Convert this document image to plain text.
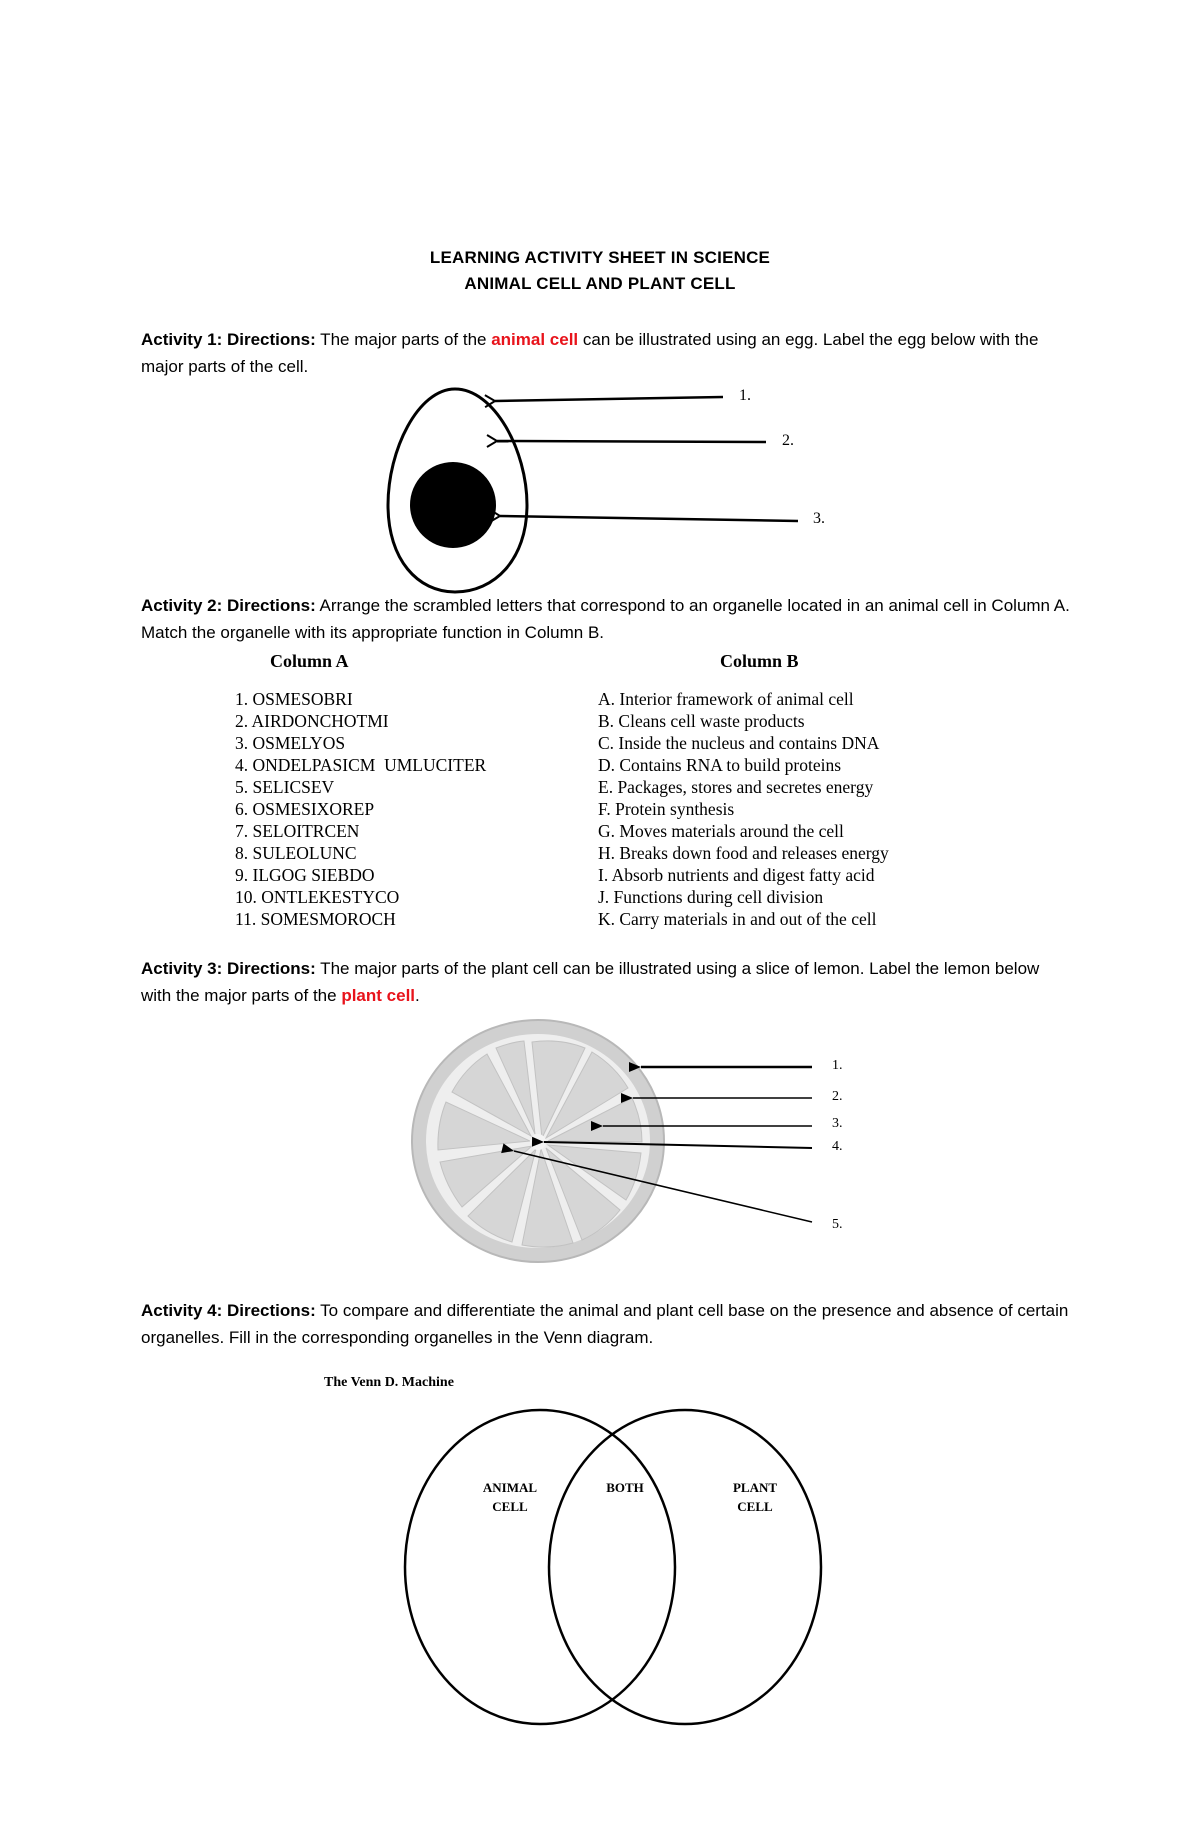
LEARNING ACTIVITY SHEET IN SCIENCE
ANIMAL CELL AND PLANT CELL
Activity 1: Directions: The major parts of the animal cell can be illustrated using an egg. Label the egg below with the major parts of the cell.
1.
2.
3.
Activity 2: Directions: Arrange the scrambled letters that correspond to an organelle located in an animal cell in Column A. Match the organelle with its appropriate function in Column B.
Column A	Column B
1. OSMESOBRI
2. AIRDONCHOTMI
3. OSMELYOS
4. ONDELPASICM  UMLUCITER
5. SELICSEV
6. OSMESIXOREP
7. SELOITRCEN
8. SULEOLUNC
9. ILGOG SIEBDO
10. ONTLEKESTYCO
11. SOMESMOROCH
A. Interior framework of animal cell
B. Cleans cell waste products
C. Inside the nucleus and contains DNA
D. Contains RNA to build proteins
E. Packages, stores and secretes energy
F. Protein synthesis
G. Moves materials around the cell
H. Breaks down food and releases energy
I. Absorb nutrients and digest fatty acid
J. Functions during cell division
K. Carry materials in and out of the cell
Activity 3: Directions: The major parts of the plant cell can be illustrated using a slice of lemon. Label the lemon below with the major parts of the plant cell.
1.
2.
3.
4.
5.
Activity 4: Directions: To compare and differentiate the animal and plant cell base on the presence and absence of certain organelles. Fill in the corresponding organelles in the Venn diagram.
The Venn D. Machine
ANIMAL
CELL
BOTH	PLANT
CELL
